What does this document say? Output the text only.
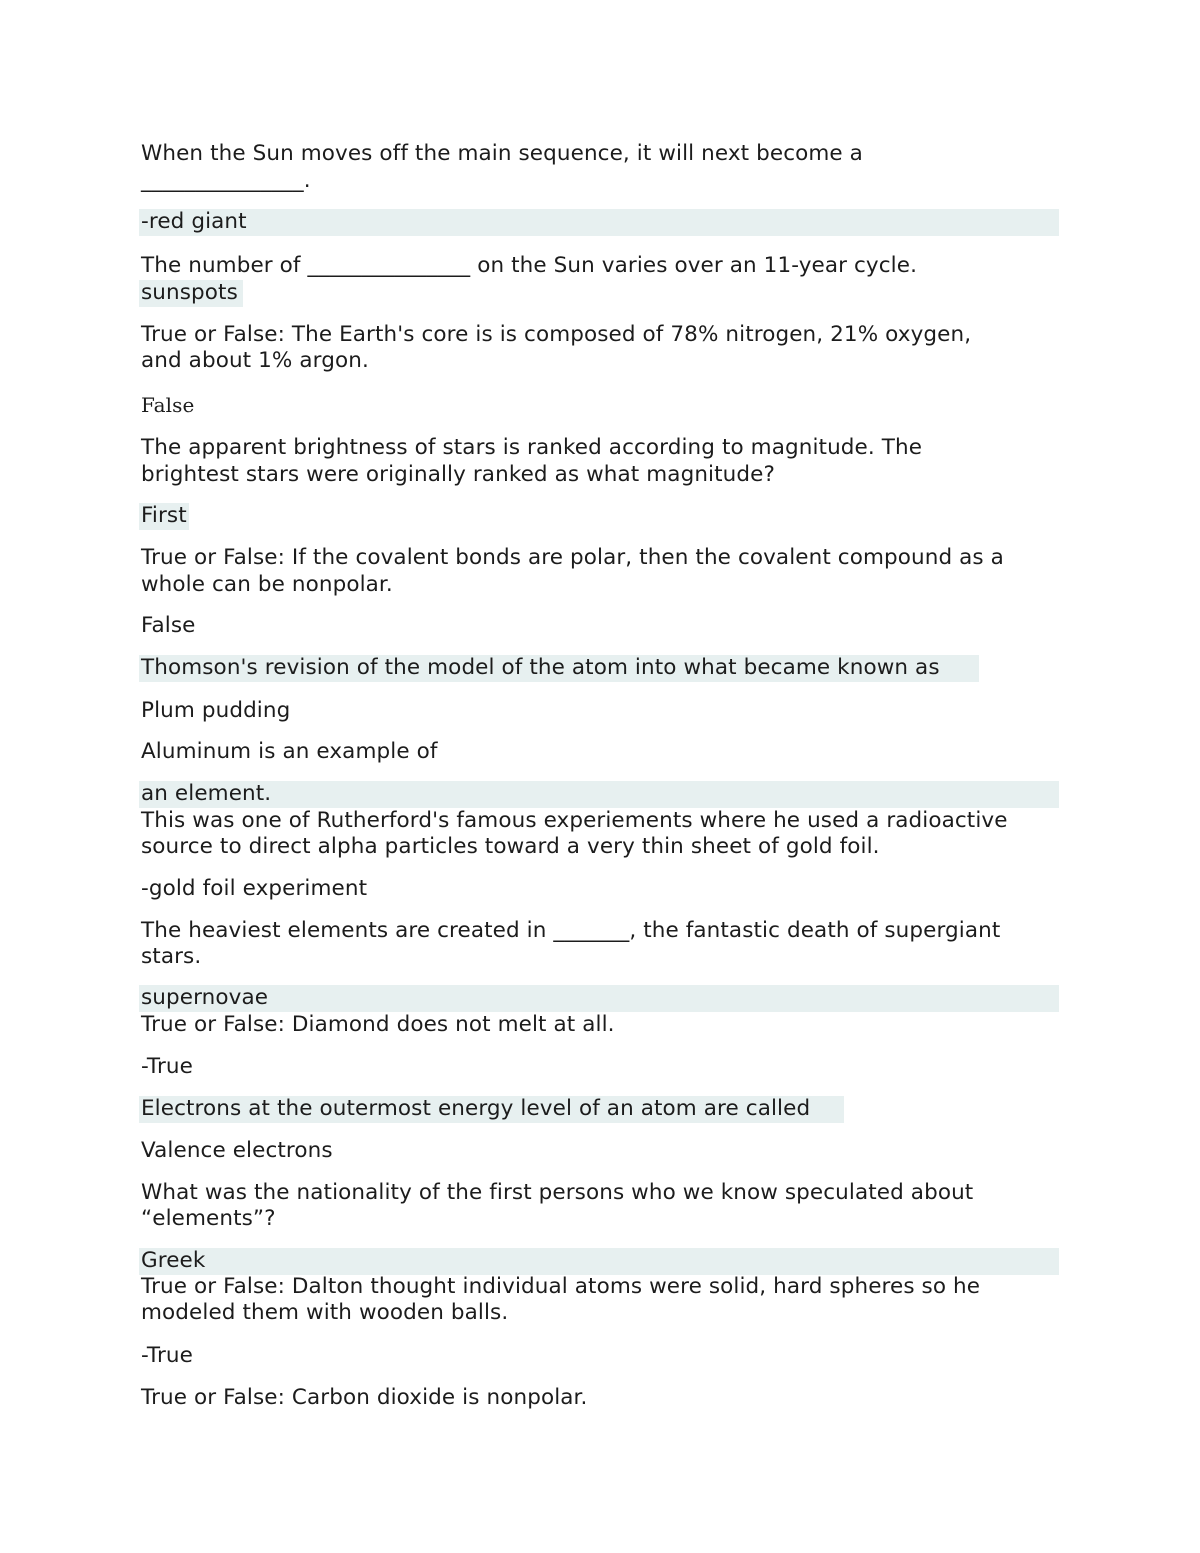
When the Sun moves off the main sequence, it will next become a
_______________.
-red giant
The number of _______________ on the Sun varies over an 11-year cycle.
sunspots
True or False: The Earth's core is is composed of 78% nitrogen, 21% oxygen,
and about 1% argon.
False
The apparent brightness of stars is ranked according to magnitude. The
brightest stars were originally ranked as what magnitude?
First
True or False: If the covalent bonds are polar, then the covalent compound as a
whole can be nonpolar.
False
Thomson's revision of the model of the atom into what became known as
Plum pudding
Aluminum is an example of
an element.
This was one of Rutherford's famous experiements where he used a radioactive
source to direct alpha particles toward a very thin sheet of gold foil.
-gold foil experiment
The heaviest elements are created in _______, the fantastic death of supergiant
stars.
supernovae
True or False: Diamond does not melt at all.
-True
Electrons at the outermost energy level of an atom are called
Valence electrons
What was the nationality of the first persons who we know speculated about
“elements”?
Greek
True or False: Dalton thought individual atoms were solid, hard spheres so he
modeled them with wooden balls.
-True
True or False: Carbon dioxide is nonpolar.
